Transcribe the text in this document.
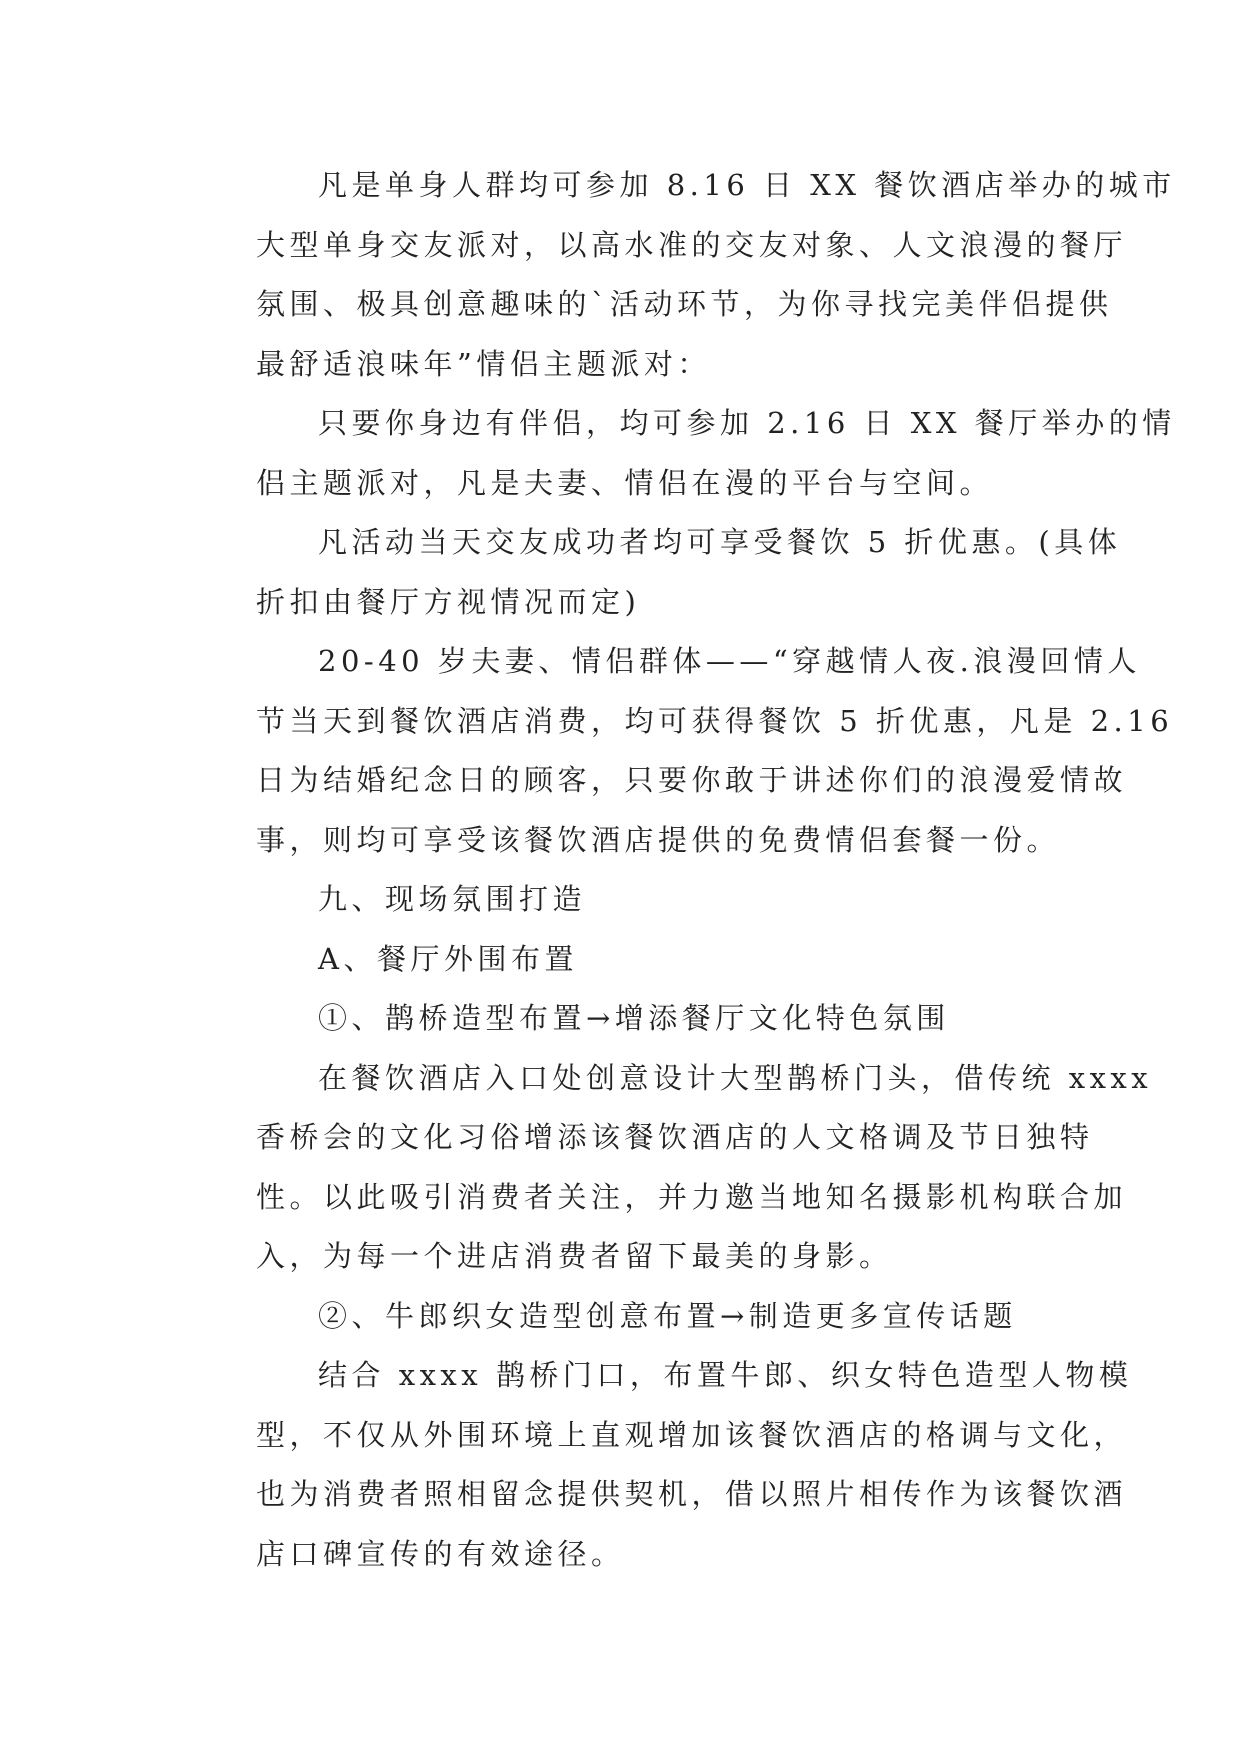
凡是单身人群均可参加 8.16 日 XX 餐饮酒店举办的城市
大型单身交友派对，以高水准的交友对象、人文浪漫的餐厅
氛围、极具创意趣味的`活动环节，为你寻找完美伴侣提供
最舒适浪味年”情侣主题派对：
只要你身边有伴侣，均可参加 2.16 日 XX 餐厅举办的情
侣主题派对，凡是夫妻、情侣在漫的平台与空间。
凡活动当天交友成功者均可享受餐饮 5 折优惠。(具体
折扣由餐厅方视情况而定)
20-40 岁夫妻、情侣群体——“穿越情人夜.浪漫回情人
节当天到餐饮酒店消费，均可获得餐饮 5 折优惠，凡是 2.16
日为结婚纪念日的顾客，只要你敢于讲述你们的浪漫爱情故
事，则均可享受该餐饮酒店提供的免费情侣套餐一份。
九、现场氛围打造
A、餐厅外围布置
①、鹊桥造型布置→增添餐厅文化特色氛围
在餐饮酒店入口处创意设计大型鹊桥门头，借传统 xxxx
香桥会的文化习俗增添该餐饮酒店的人文格调及节日独特
性。以此吸引消费者关注，并力邀当地知名摄影机构联合加
入，为每一个进店消费者留下最美的身影。
②、牛郎织女造型创意布置→制造更多宣传话题
结合 xxxx 鹊桥门口，布置牛郎、织女特色造型人物模
型，不仅从外围环境上直观增加该餐饮酒店的格调与文化，
也为消费者照相留念提供契机，借以照片相传作为该餐饮酒
店口碑宣传的有效途径。
